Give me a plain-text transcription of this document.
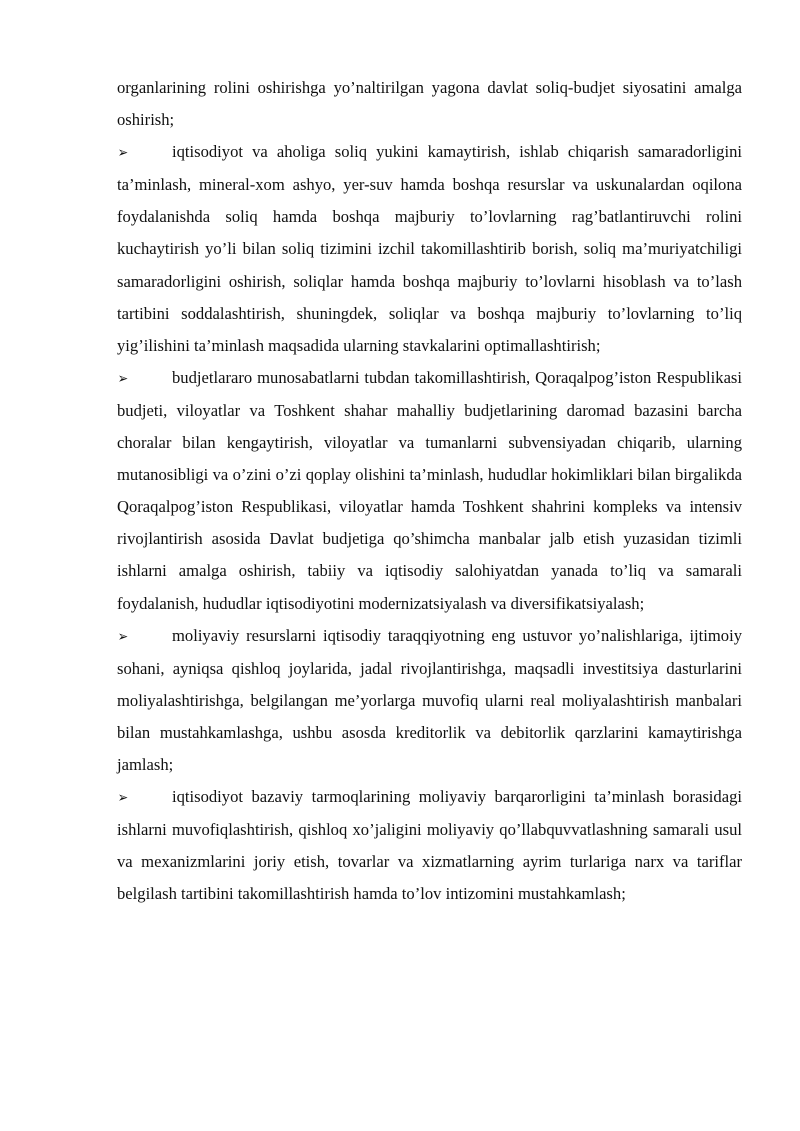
organlarining rolini oshirishga yo’naltirilgan yagona davlat soliq-budjet siyosatini amalga oshirish;

➢	iqtisodiyot va aholiga soliq yukini kamaytirish, ishlab chiqarish samaradorligini ta’minlash, mineral-xom ashyo, yer-suv hamda boshqa resurslar va uskunalardan oqilona foydalanishda soliq hamda boshqa majburiy to’lovlarning rag’batlantiruvchi rolini kuchaytirish yo’li bilan soliq tizimini izchil takomillashtirib borish, soliq ma’muriyatchiligi samaradorligini oshirish, soliqlar hamda boshqa majburiy to’lovlarni hisoblash va to’lash tartibini soddalashtirish, shuningdek, soliqlar va boshqa majburiy to’lovlarning to’liq yig’ilishini ta’minlash maqsadida ularning stavkalarini optimallashtirish;

➢	budjetlararo munosabatlarni tubdan takomillashtirish, Qoraqalpog’iston Respublikasi budjeti, viloyatlar va Toshkent shahar mahalliy budjetlarining daromad bazasini barcha choralar bilan kengaytirish, viloyatlar va tumanlarni subvensiyadan chiqarib, ularning mutanosibligi va o’zini o’zi qoplay olishini ta’minlash, hududlar hokimliklari bilan birgalikda Qoraqalpog’iston Respublikasi, viloyatlar hamda Toshkent shahrini kompleks va intensiv rivojlantirish asosida Davlat budjetiga qo’shimcha manbalar jalb etish yuzasidan tizimli ishlarni amalga oshirish, tabiiy va iqtisodiy salohiyatdan yanada to’liq va samarali foydalanish, hududlar iqtisodiyotini modernizatsiyalash va diversifikatsiyalash;

➢	moliyaviy resurslarni iqtisodiy taraqqiyotning eng ustuvor yo’nalishlariga, ijtimoiy sohani, ayniqsa qishloq joylarida, jadal rivojlantirishga, maqsadli investitsiya dasturlarini moliyalashtirishga, belgilangan me’yorlarga muvofiq ularni real moliyalashtirish manbalari bilan mustahkamlashga, ushbu asosda kreditorlik va debitorlik qarzlarini kamaytirishga jamlash;

➢	iqtisodiyot bazaviy tarmoqlarining moliyaviy barqarorligini ta’minlash borasidagi ishlarni muvofiqlashtirish, qishloq xo’jaligini moliyaviy qo’llabquvvatlashning samarali usul va mexanizmlarini joriy etish, tovarlar va xizmatlarning ayrim turlariga narx va tariflar belgilash tartibini takomillashtirish hamda to’lov intizomini mustahkamlash;
